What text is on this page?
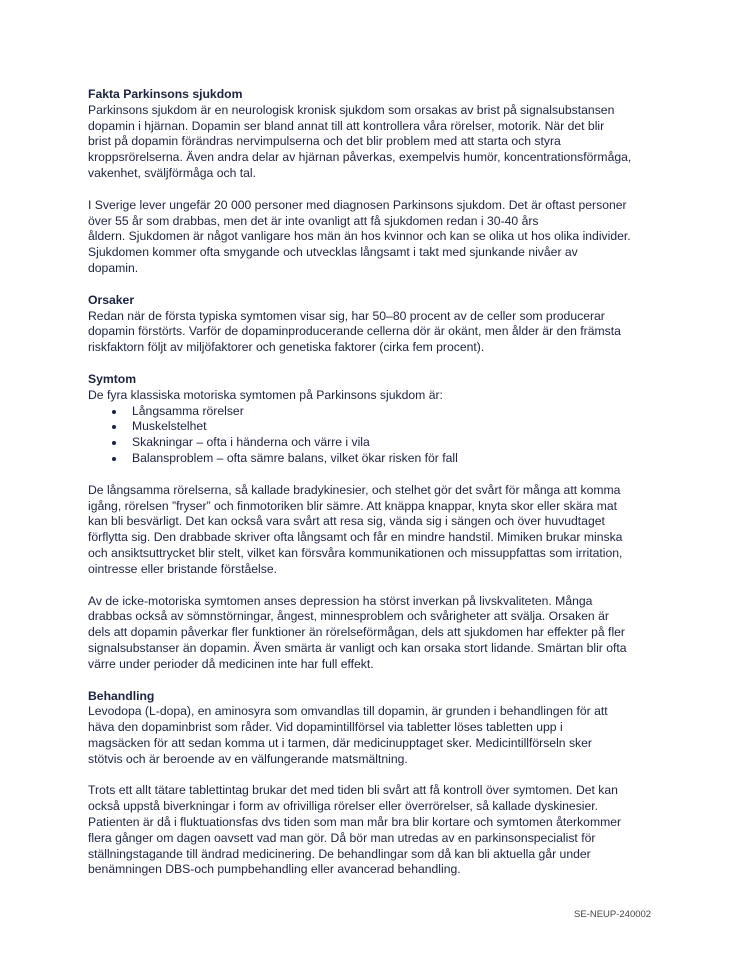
Fakta Parkinsons sjukdom
Parkinsons sjukdom är en neurologisk kronisk sjukdom som orsakas av brist på signalsubstansen
dopamin i hjärnan. Dopamin ser bland annat till att kontrollera våra rörelser, motorik. När det blir
brist på dopamin förändras nervimpulserna och det blir problem med att starta och styra
kroppsrörelserna. Även andra delar av hjärnan påverkas, exempelvis humör, koncentrationsförmåga,
vakenhet, sväljförmåga och tal.
I Sverige lever ungefär 20 000 personer med diagnosen Parkinsons sjukdom. Det är oftast personer
över 55 år som drabbas, men det är inte ovanligt att få sjukdomen redan i 30-40 års
åldern. Sjukdomen är något vanligare hos män än hos kvinnor och kan se olika ut hos olika individer.
Sjukdomen kommer ofta smygande och utvecklas långsamt i takt med sjunkande nivåer av
dopamin.
Orsaker
Redan när de första typiska symtomen visar sig, har 50–80 procent av de celler som producerar
dopamin förstörts. Varför de dopaminproducerande cellerna dör är okänt, men ålder är den främsta
riskfaktorn följt av miljöfaktorer och genetiska faktorer (cirka fem procent).
Symtom
De fyra klassiska motoriska symtomen på Parkinsons sjukdom är:
Långsamma rörelser
Muskelstelhet
Skakningar – ofta i händerna och värre i vila
Balansproblem – ofta sämre balans, vilket ökar risken för fall
De långsamma rörelserna, så kallade bradykinesier, och stelhet gör det svårt för många att komma
igång, rörelsen ”fryser” och finmotoriken blir sämre. Att knäppa knappar, knyta skor eller skära mat
kan bli besvärligt. Det kan också vara svårt att resa sig, vända sig i sängen och över huvudtaget
förflytta sig. Den drabbade skriver ofta långsamt och får en mindre handstil. Mimiken brukar minska
och ansiktsuttrycket blir stelt, vilket kan försvåra kommunikationen och missuppfattas som irritation,
ointresse eller bristande förståelse.
Av de icke-motoriska symtomen anses depression ha störst inverkan på livskvaliteten. Många
drabbas också av sömnstörningar, ångest, minnesproblem och svårigheter att svälja. Orsaken är
dels att dopamin påverkar fler funktioner än rörelseförmågan, dels att sjukdomen har effekter på fler
signalsubstanser än dopamin. Även smärta är vanligt och kan orsaka stort lidande. Smärtan blir ofta
värre under perioder då medicinen inte har full effekt.
Behandling
Levodopa (L-dopa), en aminosyra som omvandlas till dopamin, är grunden i behandlingen för att
häva den dopaminbrist som råder. Vid dopamintillförsel via tabletter löses tabletten upp i
magsäcken för att sedan komma ut i tarmen, där medicinupptaget sker. Medicintillförseln sker
stötvis och är beroende av en välfungerande matsmältning.
Trots ett allt tätare tablettintag brukar det med tiden bli svårt att få kontroll över symtomen. Det kan
också uppstå biverkningar i form av ofrivilliga rörelser eller överrörelser, så kallade dyskinesier.
Patienten är då i fluktuationsfas dvs tiden som man mår bra blir kortare och symtomen återkommer
flera gånger om dagen oavsett vad man gör. Då bör man utredas av en parkinsonspecialist för
ställningstagande till ändrad medicinering. De behandlingar som då kan bli aktuella går under
benämningen DBS-och pumpbehandling eller avancerad behandling.
SE-NEUP-240002
